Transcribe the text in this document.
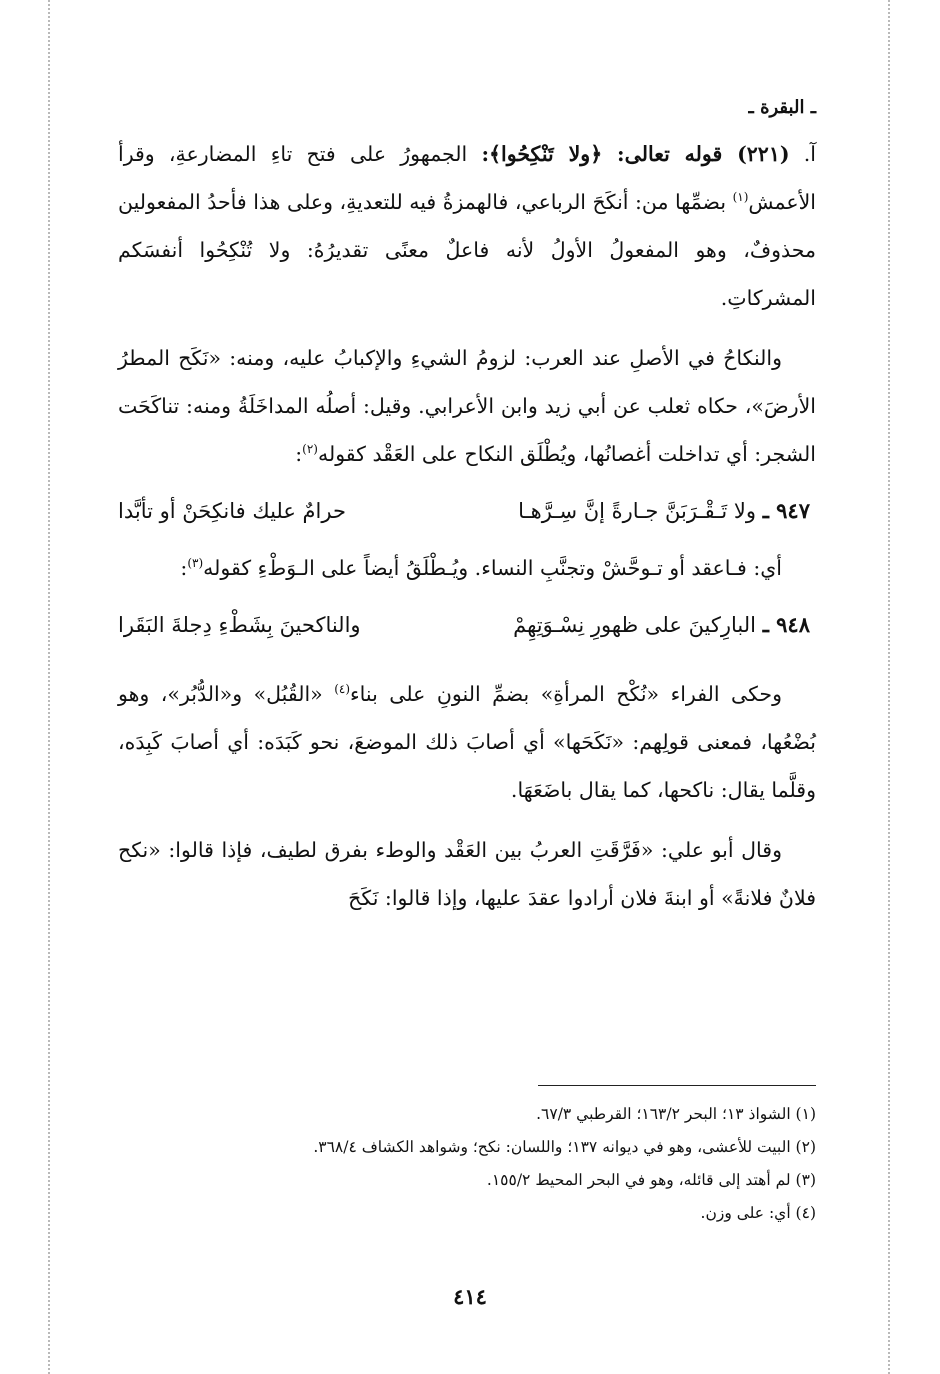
ـ البقرة ـ

آ. (٢٢١) قوله تعالى: ﴿ولا تَنْكِحُوا﴾: الجمهورُ على فتح تاءِ المضارعةِ، وقرأ الأعمش$^{(١)}$ بضمِّها من: أنكَحَ الرباعي، فالهمزةُ فيه للتعديةِ، وعلى هذا فأحدُ المفعولين محذوفٌ، وهو المفعولُ الأولُ لأنه فاعلٌ معنًى تقديرُهُ: ولا تُنْكِحُوا أنفسَكم المشركاتِ.

والنكاحُ في الأصلِ عند العرب: لزومُ الشيءِ والإكبابُ عليه، ومنه: «نَكَح المطرُ الأرضَ»، حكاه ثعلب عن أبي زيد وابن الأعرابي. وقيل: أصلُه المداخَلَةُ ومنه: تناكَحَت الشجر: أي تداخلت أغصانُها، ويُطْلَق النكاح على العَقْد كقوله$^{(٢)}$:

٩٤٧ ـ ولا تَـقْـرَبَنَّ جـارةً إنَّ سِـرَّهـا
حرامٌ عليك فانكِحَنْ أو تأبَّدا

أي: فـاعقد أو تـوحَّشْ وتجنَّبِ النساء. ويُـطْلَقُ أيضاً على الـوَطْءِ كقوله$^{(٣)}$:

٩٤٨ ـ البارِكينَ على ظهورِ نِسْـوَتِهِمْ
والناكحينَ بِشَطْءِ دِجلةَ البَقَرا

وحكى الفراء «نُكْح المرأةِ» بضمِّ النونِ على بناء$^{(٤)}$ «القُبُل» و«الدُّبُر»، وهو بُضْعُها، فمعنى قولِهم: «نَكَحَها» أي أصابَ ذلك الموضعَ، نحو كَبَدَه: أي أصابَ كَبِدَه، وقلَّما يقال: ناكحها، كما يقال باضَعَهَا.

وقال أبو علي: «فَرَّقَتِ العربُ بين العَقْد والوطء بفرق لطيف، فإذا قالوا: «نكح فلانٌ فلانةً» أو ابنةَ فلان أرادوا عقدَ عليها، وإذا قالوا: نَكَحَ

(١) الشواذ ١٣؛ البحر ١٦٣/٢؛ القرطبي ٦٧/٣.

(٢) البيت للأعشى، وهو في ديوانه ١٣٧؛ واللسان: نكح؛ وشواهد الكشاف ٣٦٨/٤.

(٣) لم أهتد إلى قائله، وهو في البحر المحيط ١٥٥/٢.

(٤) أي: على وزن.

٤١٤
